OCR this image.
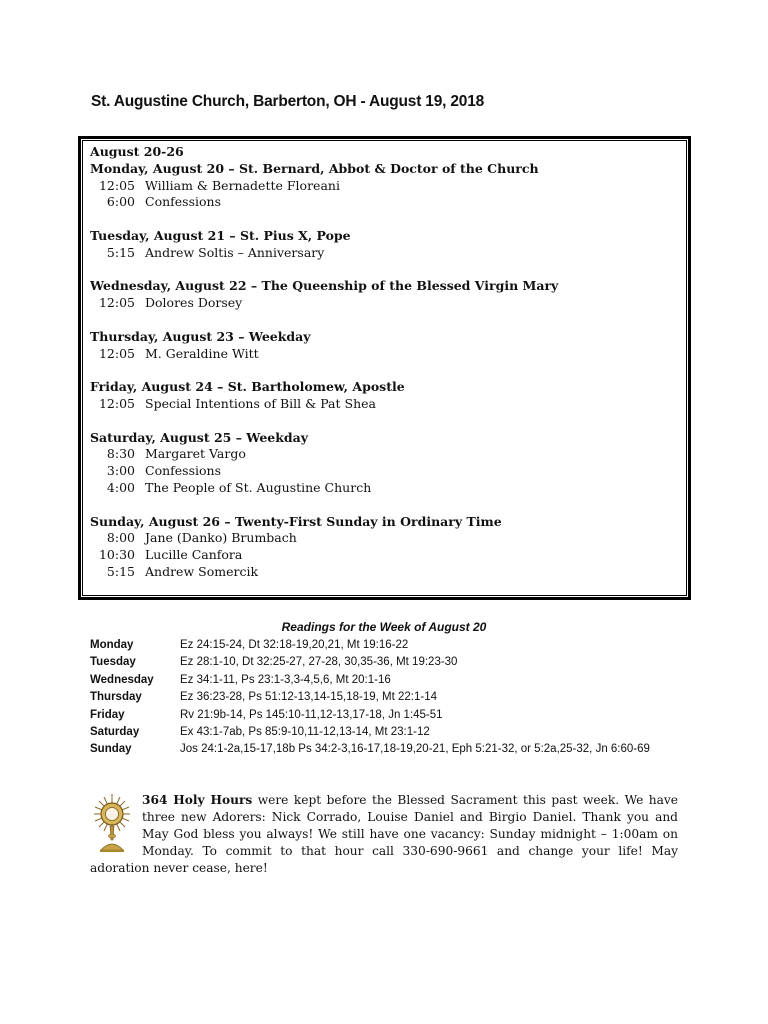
St. Augustine Church, Barberton, OH - August 19, 2018
August 20-26
Monday, August 20 – St. Bernard, Abbot & Doctor of the Church
12:05 William & Bernadette Floreani
6:00 Confessions
Tuesday, August 21 – St. Pius X, Pope
5:15 Andrew Soltis – Anniversary
Wednesday, August 22 – The Queenship of the Blessed Virgin Mary
12:05 Dolores Dorsey
Thursday, August 23 – Weekday
12:05 M. Geraldine Witt
Friday, August 24 – St. Bartholomew, Apostle
12:05 Special Intentions of Bill & Pat Shea
Saturday, August 25 – Weekday
8:30 Margaret Vargo
3:00 Confessions
4:00 The People of St. Augustine Church
Sunday, August 26 – Twenty-First Sunday in Ordinary Time
8:00 Jane (Danko) Brumbach
10:30 Lucille Canfora
5:15 Andrew Somercik
Readings for the Week of August 20
Monday	Ez 24:15-24, Dt 32:18-19,20,21, Mt 19:16-22
Tuesday	Ez 28:1-10, Dt 32:25-27, 27-28, 30,35-36, Mt 19:23-30
Wednesday	Ez 34:1-11, Ps 23:1-3,3-4,5,6, Mt 20:1-16
Thursday	Ez 36:23-28, Ps 51:12-13,14-15,18-19, Mt 22:1-14
Friday	Rv 21:9b-14, Ps 145:10-11,12-13,17-18, Jn 1:45-51
Saturday	Ex 43:1-7ab, Ps 85:9-10,11-12,13-14, Mt 23:1-12
Sunday	Jos 24:1-2a,15-17,18b Ps 34:2-3,16-17,18-19,20-21, Eph 5:21-32, or 5:2a,25-32, Jn 6:60-69
364 Holy Hours were kept before the Blessed Sacrament this past week. We have three new Adorers: Nick Corrado, Louise Daniel and Birgio Daniel. Thank you and May God bless you always! We still have one vacancy: Sunday midnight – 1:00am on Monday. To commit to that hour call 330-690-9661 and change your life! May adoration never cease, here!
